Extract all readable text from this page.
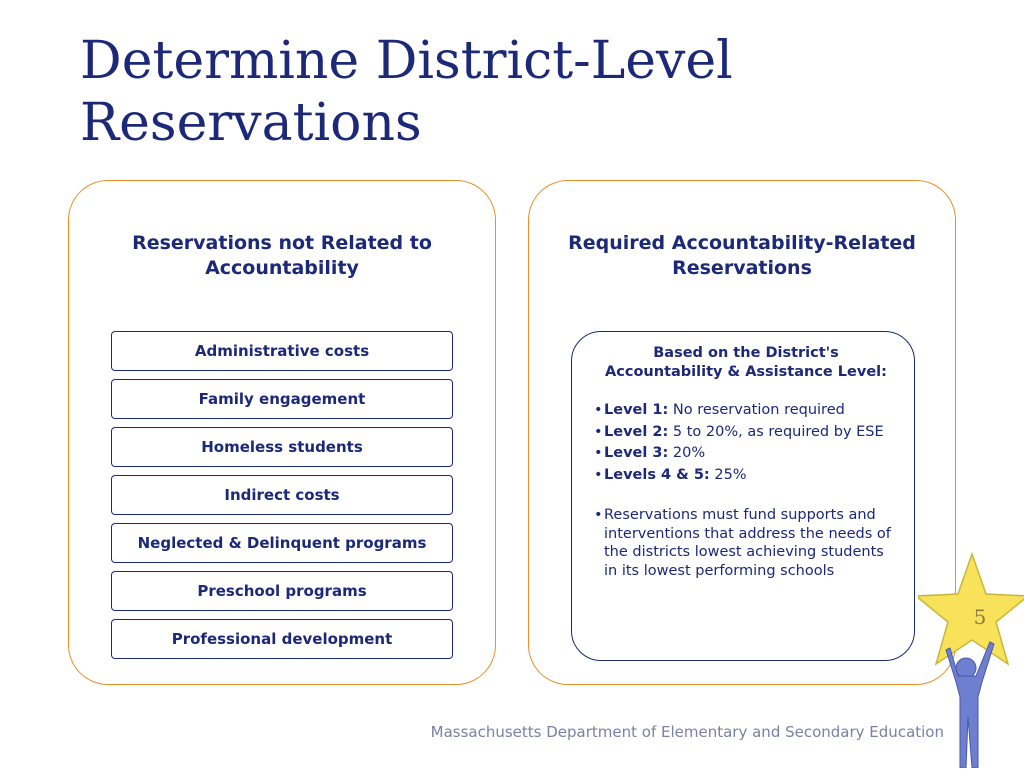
Determine District-Level Reservations
Reservations not Related to Accountability
Administrative costs
Family engagement
Homeless students
Indirect costs
Neglected & Delinquent programs
Preschool programs
Professional development
Required Accountability-Related Reservations
Based on the District's Accountability & Assistance Level:
• Level 1: No reservation required
• Level 2: 5 to 20%, as required by ESE
• Level 3: 20%
• Levels 4 & 5: 25%
• Reservations must fund supports and interventions that address the needs of the districts lowest achieving students in its lowest performing schools
5
Massachusetts Department of Elementary and Secondary Education
